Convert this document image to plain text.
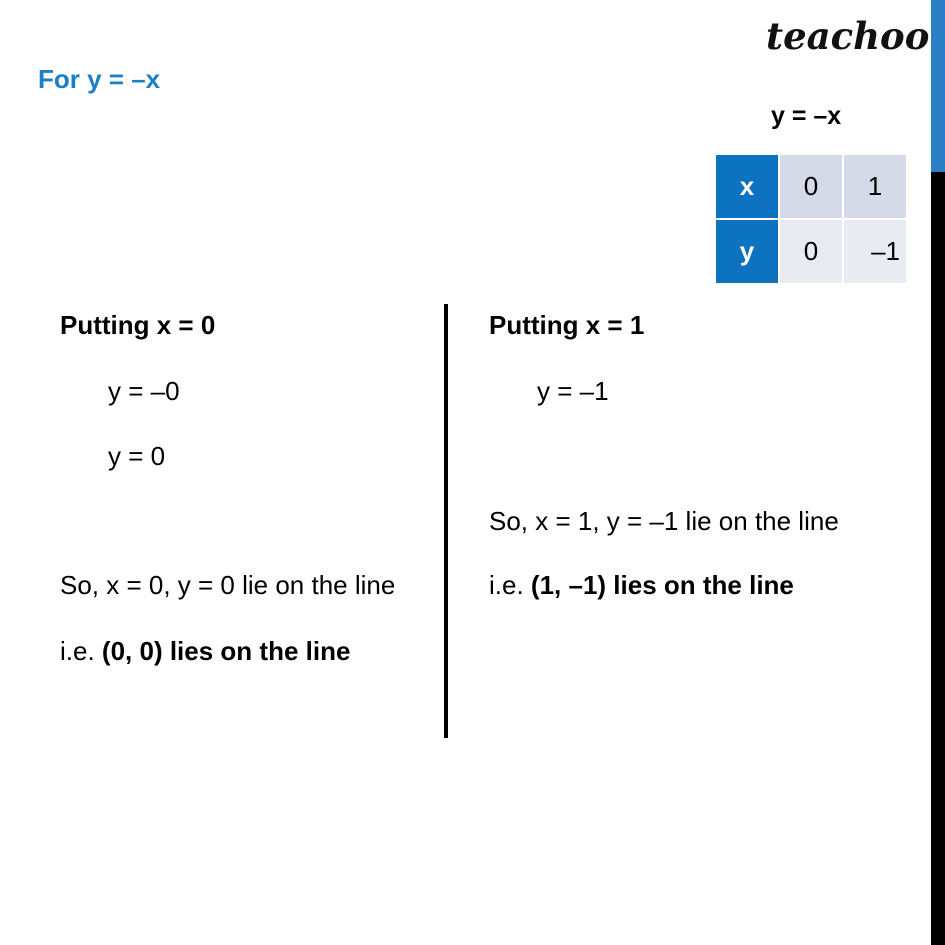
teachoo
For y = –x
y = –x
x	0	1
y	0	–1
Putting x = 0
y = –0
y = 0
So, x = 0, y = 0 lie on the line
i.e. (0, 0) lies on the line
Putting x = 1
y = –1
So, x = 1, y = –1 lie on the line
i.e. (1, –1) lies on the line
